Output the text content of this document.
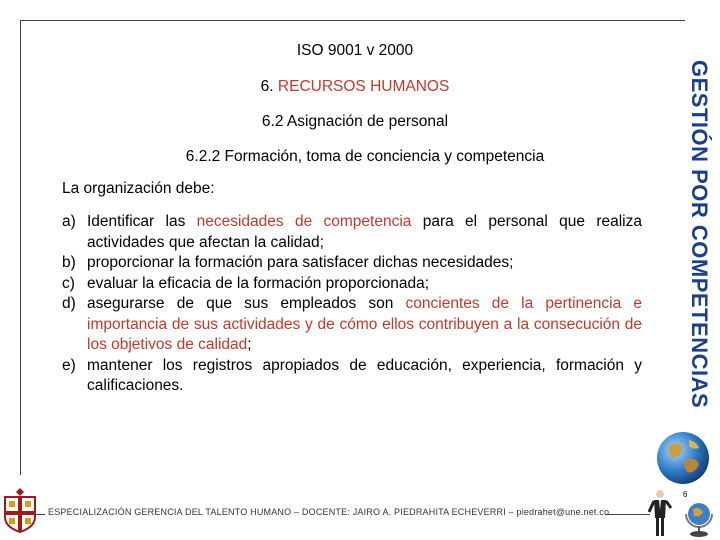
ISO 9001 v 2000
6. RECURSOS HUMANOS
6.2 Asignación de personal
6.2.2 Formación, toma de conciencia y competencia
La organización debe:
a) Identificar las necesidades de competencia para el personal que realiza actividades que afectan la calidad;
b) proporcionar la formación para satisfacer dichas necesidades;
c) evaluar la eficacia de la formación proporcionada;
d) asegurarse de que sus empleados son concientes de la pertinencia e importancia de sus actividades y de cómo ellos contribuyen a la consecución de los objetivos de calidad;
e) mantener los registros apropiados de educación, experiencia, formación y calificaciones.	GESTIÓN POR COMPETENCIAS
ESPECIALIZACIÓN GERENCIA DEL TALENTO HUMANO – DOCENTE: JAIRO A. PIEDRAHITA ECHEVERRI – piedrahet@une.net.co
6
